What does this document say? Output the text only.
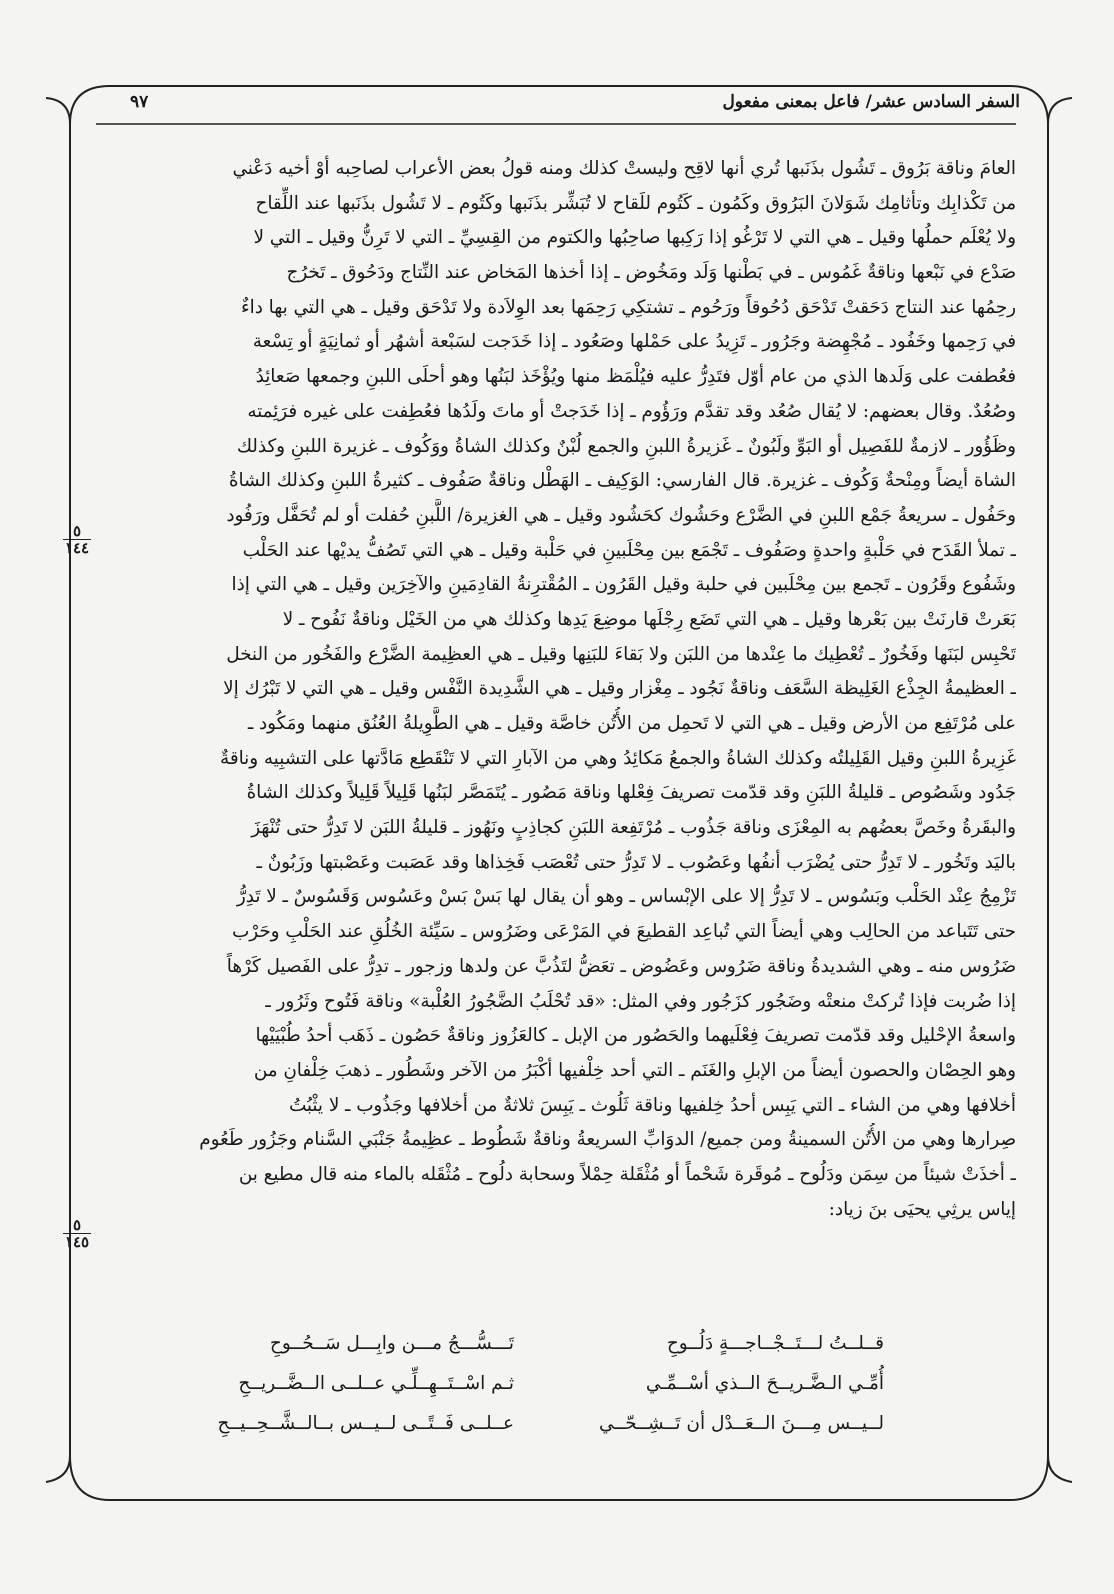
السفر السادس عشر/ فاعل بمعنى مفعول
٩٧
العامَ وناقة بَرُوق ـ تَشُول بذَنَبها تُري أنها لاقِح وليستْ كذلك ومنه قولُ بعض الأعراب لصاحِبه أوْ أخيه دَعْني
من تَكْذابِك وتأثامِك شَوَلانَ البَرُوق وكَمُون ـ كَتُوم للَقاح لا تُبَشِّر بذَنَبها وكَتُوم ـ لا تَشُول بذَنَبها عند اللِّقاح
ولا يُعْلَم حملُها وقيل ـ هي التي لا تَرْغُو إذا رَكِبها صاحِبُها والكتوم من القِسِيِّ ـ التي لا تَرِنُّ وقيل ـ التي لا
صَدْع في نَبْعها وناقةٌ غَمُوس ـ في بَطْنها وَلَد ومَخُوض ـ إذا أخذها المَخاض عند النِّتاج ودَحُوق ـ تَخرُج
رحِمُها عند النتاج دَحَقتْ تَدْحَق دُحُوقاً ورَحُوم ـ تشتكِي رَحِمَها بعد الوِلاَدة ولا تَدْحَق وقيل ـ هي التي بها داءٌ
في رَحِمها وخَفُود ـ مُجْهِضة وجَرُور ـ تَزِيدُ على حَمْلها وصَعُود ـ إذا خَدَجت لسَبْعة أشهُر أو ثمانِيَةٍ أو تِسْعة
فعُطفت على وَلَدها الذي من عام أوّل فتَدِرُّ عليه فيُلْمَظ منها ويُؤْخَذ لبَنُها وهو أحلَى اللبنِ وجمعها صَعائِدُ
وصُعُدٌ. وقال بعضهم: لا يُقال صُعُد وقد تقدَّم ورَؤُوم ـ إذا خَدَجتْ أو ماتَ ولَدُها فعُطِفت على غيره فرَئِمته
وظَؤُور ـ لازمةٌ للفَصِيل أو البَوِّ ولَبُونٌ ـ غَزيرةُ اللبنِ والجمع لُبْنٌ وكذلك الشاةُ ووَكُوف ـ غزيرة اللبنِ وكذلك
الشاة أيضاً ومِنْحةٌ وَكُوف ـ غزيرة. قال الفارسي: الوَكِيف ـ الهَطْل وناقةٌ صَفُوف ـ كثيرةُ اللبنِ وكذلك الشاةُ
وحَفُول ـ سريعةُ جَمْع اللبنِ في الضَّرْع وحَشُوك كحَشُود وقيل ـ هي الغزيرة/ اللَّبنِ حُفلت أو لم تُحَفَّل ورَفُود
ـ تملأ القَدَح في حَلْبةٍ واحدةٍ وصَفُوف ـ تَجْمَع بين مِحْلَبينِ في حَلْبة وقيل ـ هي التي تَصُفُّ يديْها عند الحَلْب
وشَفُوع وقَرُون ـ تَجمع بين مِحْلَبين في حلبة وقيل القَرُون ـ المُقْترِنةُ القادِمَينِ والآخِرَين وقيل ـ هي التي إذا
بَعَرتْ قارنَتْ بين بَعْرها وقيل ـ هي التي تَضَع رِجْلَها موضِعَ يَدِها وكذلك هي من الخَيْل وناقةٌ نَفُوح ـ لا
تَحْبِس لبَنَها وفَخُورٌ ـ تُعْطِيك ما عِنْدها من اللبَن ولا بَقاءَ للبَنِها وقيل ـ هي العظِيمة الضَّرْع والفَخُور من النخل
ـ العظيمةُ الجِذْع الغَلِيظة السَّعَف وناقةٌ نَجُود ـ مِغْزار وقيل ـ هي الشَّدِيدة النَّفْس وقيل ـ هي التي لا تَبْرُك إلا
على مُرْتَفِع من الأرض وقيل ـ هي التي لا تَحمِل من الأُتُن خاصَّة وقيل ـ هي الطَّوِيلةُ العُنُق منهما ومَكُود ـ
غَزِيرةُ اللبنِ وقيل القَلِيلتُه وكذلك الشاةُ والجمعُ مَكائِدُ وهي من الآبارِ التي لا تَنْقَطِع مَادَّتها على التشبِيه وناقةٌ
جَدُود وشَصُوص ـ قليلةُ اللبَنِ وقد قدّمت تصريفَ فِعْلها وناقة مَصُور ـ يُتَمَصَّر لبَنُها قَلِيلاً قَلِيلاً وكذلك الشاةُ
والبقَرةُ وخَصَّ بعضُهم به المِعْزَى وناقة جَذُوب ـ مُرْتَفِعة اللبَنِ كجاذِبٍ ونَهُوز ـ قليلةُ اللبَن لا تَدِرُّ حتى تُنْهَزَ
باليَد وتَخُور ـ لا تَدِرُّ حتى يُضْرَب أنفُها وعَصُوب ـ لا تَدِرُّ حتى تُعْصَب فَخِذاها وقد عَصَبت وعَصْبتها وزَبُونٌ ـ
تَزْمِجُ عِنْد الحَلْب وبَسُوس ـ لا تَدِرُّ إلا على الإبْساس ـ وهو أن يقال لها بَسْ بَسْ وعَسُوس وَقَسُوسٌ ـ لا تَدِرُّ
حتى تَتَباعد من الحالِب وهي أيضاً التي تُباعِد القطيعَ في المَرْعَى وضَرُوس ـ سَيِّئة الخُلُقِ عند الحَلْبِ وحَرْب
ضَرُوس منه ـ وهي الشديدةُ وناقة ضَرُوس وعَضُوض ـ تعَضُّ لتَذُبَّ عن ولدها وزجور ـ تدِرُّ على الفَصيل كَرْهاً
إذا ضُربت فإذا تُركتْ منعتْه وضَجُور كزَجُور وفي المثل: «قد تُحْلَبُ الضَّجُورُ العُلْبة» وناقة فَتُوح وثَرُور ـ
واسعةُ الإحْليل وقد قدّمت تصريفَ فِعْلَيهما والحَصُور من الإبل ـ كالعَزُوز وناقةٌ حَصُون ـ ذَهَب أحدُ طُبْيَيْها
وهو الحِصْان والحصون أيضاً من الإبلِ والغَنَم ـ التي أحد خِلْفيها أكْبَرُ من الآخر وشَطُور ـ ذهبَ خِلْفانِ من
أخلافها وهي من الشاء ـ التي يَبِس أحدُ خِلفيها وناقة ثَلُوث ـ يَبِسَ ثلاثةٌ من أخلافها وجَذُوب ـ لا يثْبُتُ
صِرارها وهي من الأُتُن السمينةُ ومن جميع/ الدوَابِّ السريعةُ وناقةٌ شَطُوط ـ عظِيمةُ جَنْبَي السَّنام وجَزُور طَعُوم
ـ أخذَتْ شيئاً من سِمَن ودَلُوح ـ مُوقَرة شَحْماً أو مُثْقَلة حِمْلاً وسحابة دلُوح ـ مُثْقَله بالماء منه قال مطيع بن
إياس يرثِي يحيَى بنَ زياد:
٥
١٤٤
٥
١٤٥
قــلــتُ لـــتَــجْــاجـــةٍ دَلُــوحِ
تَـــسُّـــجُ مـــن وابِـــل سَــحُــوحِ
أُمِّـي الـضَّـريــحَ الــذي أسْــمِّـي
ثـم اسْــتَــهِــلِّـي عــلــى الــضَّــريــحِ
لــيــس مِـــنَ الــعَــدْل أن تَــشِــحّــي
عــلــى فَــتًــى لــيــس بــالــشَّــحِــيــحِ
